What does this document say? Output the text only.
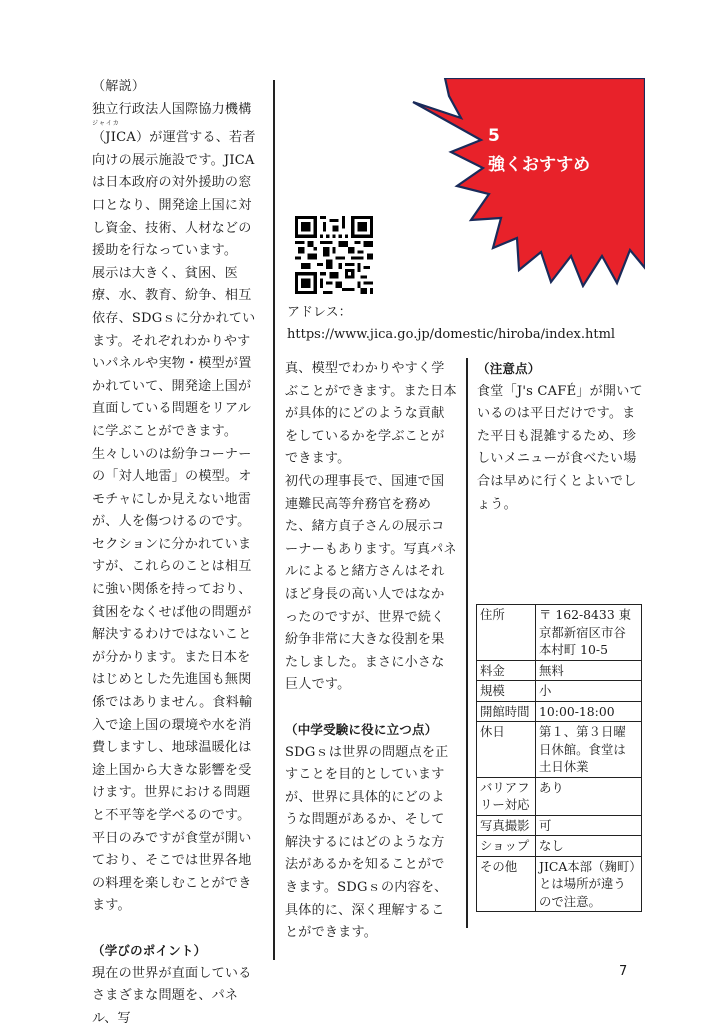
5
強くおすすめ

（解説）

独立行政法人国際協力機構

ジャイカ

（JICA）が運営する、若者向けの展示施設です。JICAは日本政府の対外援助の窓口となり、開発途上国に対し資金、技術、人材などの援助を行なっています。

展示は大きく、貧困、医療、水、教育、紛争、相互依存、SDGｓに分かれています。それぞれわかりやすいパネルや実物・模型が置かれていて、開発途上国が直面している問題をリアルに学ぶことができます。生々しいのは紛争コーナーの「対人地雷」の模型。オモチャにしか見えない地雷が、人を傷つけるのです。

セクションに分かれていますが、これらのことは相互に強い関係を持っており、貧困をなくせば他の問題が解決するわけではないことが分かります。また日本をはじめとした先進国も無関係ではありません。食料輸入で途上国の環境や水を消費しますし、地球温暖化は途上国から大きな影響を受けます。世界における問題と不平等を学べるのです。

平日のみですが食堂が開いており、そこでは世界各地の料理を楽しむことができます。

（学びのポイント）

現在の世界が直面しているさまざまな問題を、パネル、写

アドレス：
https://www.jica.go.jp/domestic/hiroba/index.html

真、模型でわかりやすく学ぶことができます。また日本が具体的にどのような貢献をしているかを学ぶことができます。

初代の理事長で、国連で国連難民高等弁務官を務めた、緒方貞子さんの展示コーナーもあります。写真パネルによると緒方さんはそれほど身長の高い人ではなかったのですが、世界で続く紛争非常に大きな役割を果たしました。まさに小さな巨人です。

（中学受験に役に立つ点）

SDGｓは世界の問題点を正すことを目的としていますが、世界に具体的にどのような問題があるか、そして解決するにはどのような方法があるかを知ることができます。SDGｓの内容を、具体的に、深く理解することができます。

（注意点）

食堂「J's CAFÉ」が開いているのは平日だけです。また平日も混雑するため、珍しいメニューが食べたい場合は早めに行くとよいでしょう。

住所	〒 162-8433 東京都新宿区市谷本村町 10-5
料金	無料
規模	小
開館時間	10:00-18:00
休日	第１、第３日曜日休館。食堂は土日休業
バリアフリー対応	あり
写真撮影	可
ショップ	なし
その他	JICA本部（麹町）とは場所が違うので注意。
7
